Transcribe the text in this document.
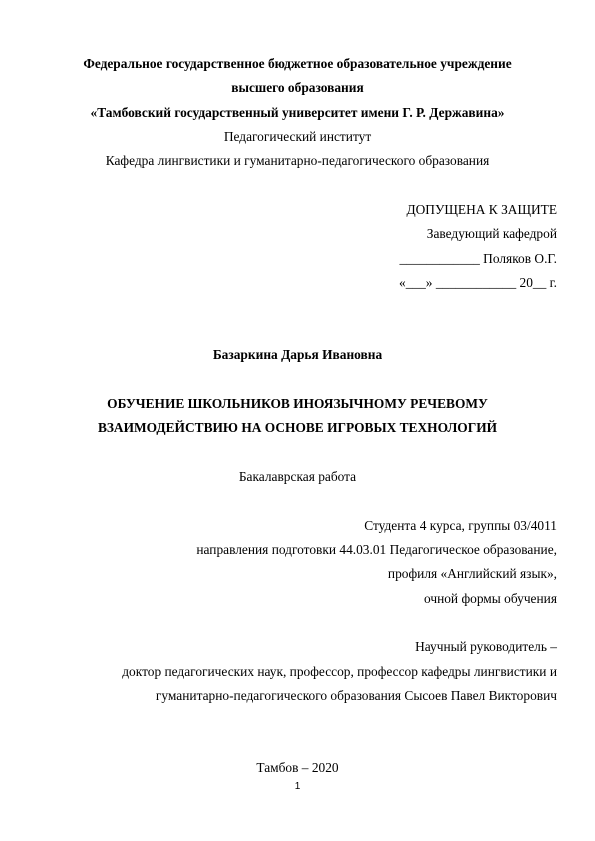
Федеральное государственное бюджетное образовательное учреждение
высшего образования
«Тамбовский государственный университет имени Г. Р. Державина»
Педагогический институт
Кафедра лингвистики и гуманитарно-педагогического образования
ДОПУЩЕНА К ЗАЩИТЕ
Заведующий кафедрой
____________ Поляков О.Г.
«___» ____________ 20__ г.
Базаркина Дарья Ивановна
ОБУЧЕНИЕ ШКОЛЬНИКОВ ИНОЯЗЫЧНОМУ РЕЧЕВОМУ
ВЗАИМОДЕЙСТВИЮ НА ОСНОВЕ ИГРОВЫХ ТЕХНОЛОГИЙ
Бакалаврская работа
Студента 4 курса, группы 03/4011
направления подготовки 44.03.01 Педагогическое образование,
профиля «Английский язык»,
очной формы обучения
Научный руководитель –
доктор педагогических наук, профессор, профессор кафедры лингвистики и
гуманитарно-педагогического образования Сысоев Павел Викторович
Тамбов – 2020
1
